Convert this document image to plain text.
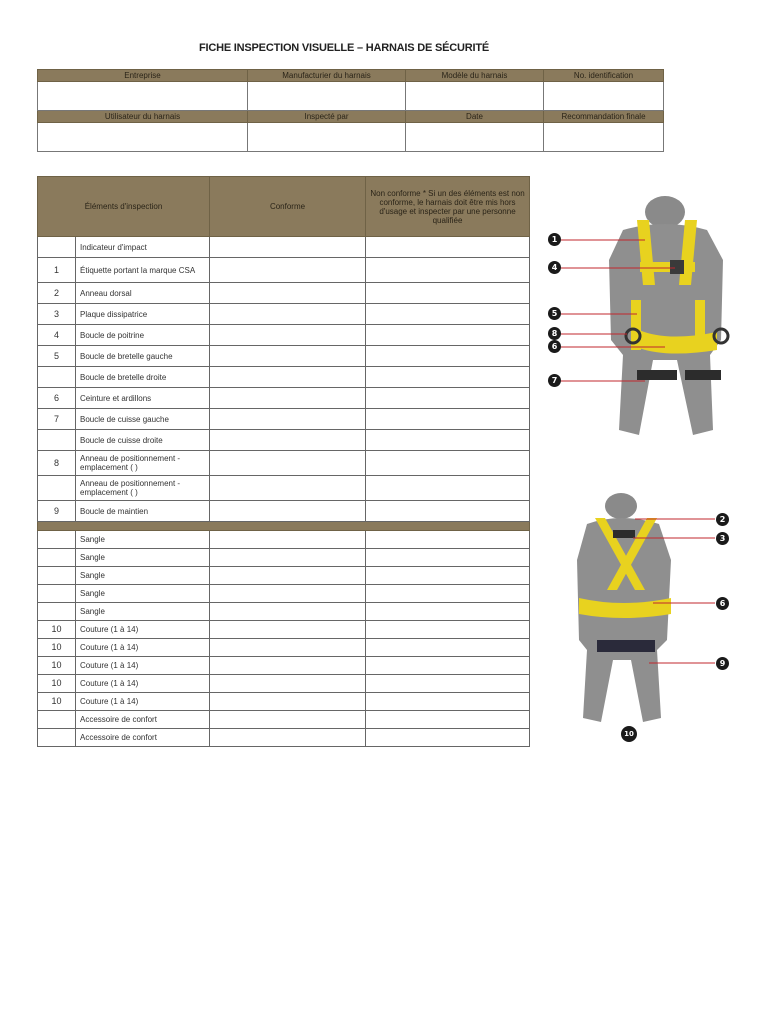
FICHE INSPECTION VISUELLE – HARNAIS DE SÉCURITÉ
Entreprise	Manufacturier du harnais	Modèle du harnais	No. identification

Utilisateur du harnais	Inspecté par	Date	Recommandation finale

Éléments d'inspection		Conforme	Non conforme * Si un des éléments est non conforme, le harnais doit être mis hors d'usage et inspecter par une personne qualifiée
	Indicateur d'impact		
1	Étiquette portant la marque CSA		
2	Anneau dorsal		
3	Plaque dissipatrice		
4	Boucle de poitrine		
5	Boucle de bretelle gauche		
	Boucle de bretelle droite		
6	Ceinture et ardillons		
7	Boucle de cuisse gauche		
	Boucle de cuisse droite		
8	Anneau de positionnement - emplacement ( )		
	Anneau de positionnement - emplacement ( )		
9	Boucle de maintien		

	Sangle		
	Sangle		
	Sangle		
	Sangle		
	Sangle		
10	Couture (1 à 14)		
10	Couture (1 à 14)		
10	Couture (1 à 14)		
10	Couture (1 à 14)		
10	Couture (1 à 14)		
	Accessoire de confort		
	Accessoire de confort		
1
4
5
8
6
7
2
3
6
9
10
